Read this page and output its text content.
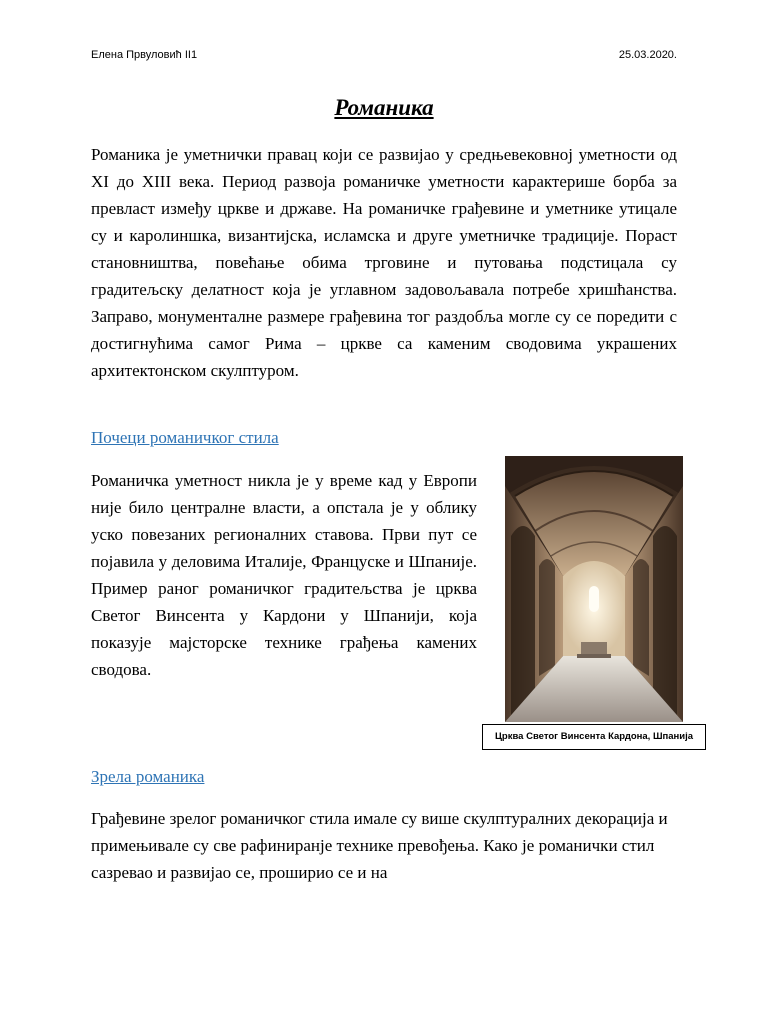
Елена Првуловић II1	25.03.2020.
Романика
Романика је уметнички правац који се развијао у средњевековној уметности од XI до XIII века. Период развоја романичке уметности карактерише борба за превласт између цркве и државе. На романичке грађевине и уметнике утицале су и каролиншка, византијска, исламска и друге уметничке традиције. Пораст становништва, повећање обима трговине и путовања подстицала су градитељску делатност која је углавном задовољавала потребе хришћанства. Заправо, монументалне размере грађевина тог раздобља могле су се поредити с достигнућима самог Рима – цркве са каменим сводовима украшених архитектонском скулптуром.
Почеци романичког стила
Романичка уметност никла је у време кад у Европи није било централне власти, а опстала је у облику уско повезаних регионалних ставова. Први пут се појавила у деловима Италије, Француске и Шпаније. Пример раног романичког градитељства је црква Светог Винсента у Кардони у Шпанији, која показује мајсторске технике грађења камених сводова.
Црква Светог Винсента Кардона, Шпанија
Зрела романика
Грађевине зрелог романичког стила имале су више скулптуралних декорација и примењивале су све рафиниранје технике превођења. Како је романички стил сазревао и развијао се, проширио се и на
